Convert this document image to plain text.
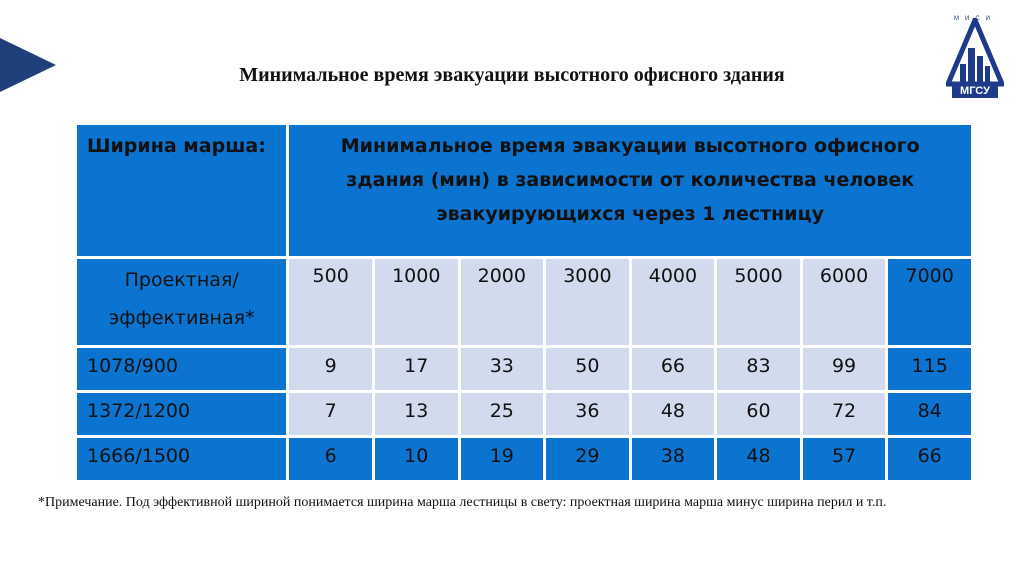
МИСИ
МГСУ
Минимальное время эвакуации высотного офисного здания
Ширина марша:	Минимальное время эвакуации высотного офисного здания (мин) в зависимости от количества человек эвакуирующихся через 1 лестницу							
Проектная/
эффективная*	500	1000	2000	3000	4000	5000	6000	7000
1078/900	9	17	33	50	66	83	99	115
1372/1200	7	13	25	36	48	60	72	84
1666/1500	6	10	19	29	38	48	57	66
*Примечание. Под эффективной шириной понимается ширина марша лестницы в свету: проектная ширина марша минус ширина перил и т.п.
